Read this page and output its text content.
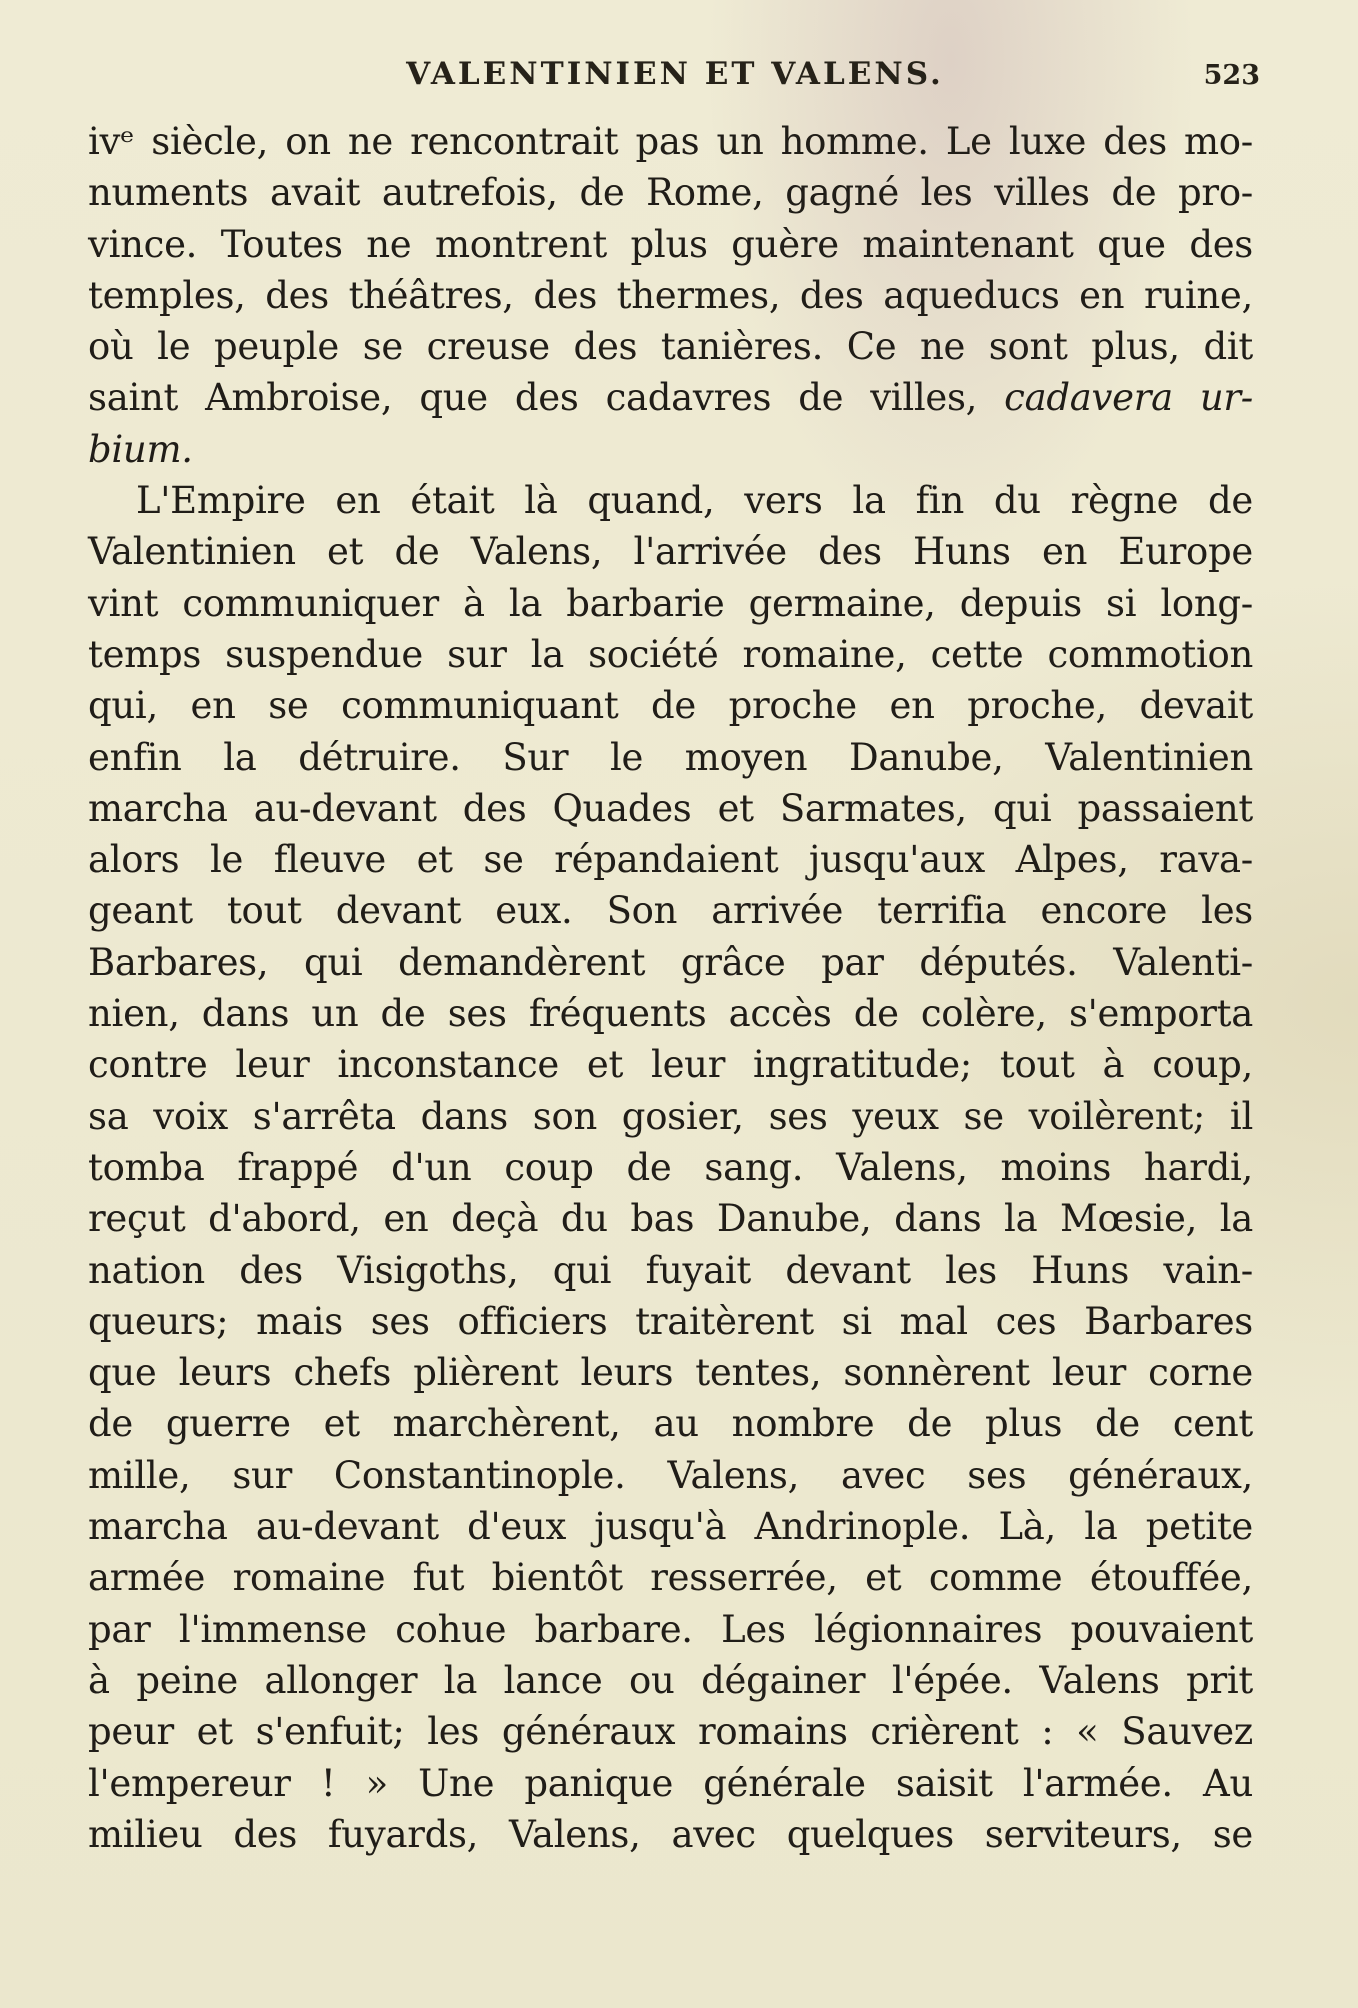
VALENTINIEN ET VALENS.	523
ivᵉ siècle, on ne rencontrait pas un homme. Le luxe des mo-
numents avait autrefois, de Rome, gagné les villes de pro-
vince. Toutes ne montrent plus guère maintenant que des
temples, des théâtres, des thermes, des aqueducs en ruine,
où le peuple se creuse des tanières. Ce ne sont plus, dit
saint Ambroise, que des cadavres de villes, cadavera ur-
bium.
L'Empire en était là quand, vers la fin du règne de
Valentinien et de Valens, l'arrivée des Huns en Europe
vint communiquer à la barbarie germaine, depuis si long-
temps suspendue sur la société romaine, cette commotion
qui, en se communiquant de proche en proche, devait
enfin la détruire. Sur le moyen Danube, Valentinien
marcha au-devant des Quades et Sarmates, qui passaient
alors le fleuve et se répandaient jusqu'aux Alpes, rava-
geant tout devant eux. Son arrivée terrifia encore les
Barbares, qui demandèrent grâce par députés. Valenti-
nien, dans un de ses fréquents accès de colère, s'emporta
contre leur inconstance et leur ingratitude; tout à coup,
sa voix s'arrêta dans son gosier, ses yeux se voilèrent; il
tomba frappé d'un coup de sang. Valens, moins hardi,
reçut d'abord, en deçà du bas Danube, dans la Mœsie, la
nation des Visigoths, qui fuyait devant les Huns vain-
queurs; mais ses officiers traitèrent si mal ces Barbares
que leurs chefs plièrent leurs tentes, sonnèrent leur corne
de guerre et marchèrent, au nombre de plus de cent
mille, sur Constantinople. Valens, avec ses généraux,
marcha au-devant d'eux jusqu'à Andrinople. Là, la petite
armée romaine fut bientôt resserrée, et comme étouffée,
par l'immense cohue barbare. Les légionnaires pouvaient
à peine allonger la lance ou dégainer l'épée. Valens prit
peur et s'enfuit; les généraux romains crièrent : « Sauvez
l'empereur ! » Une panique générale saisit l'armée. Au
milieu des fuyards, Valens, avec quelques serviteurs, se
